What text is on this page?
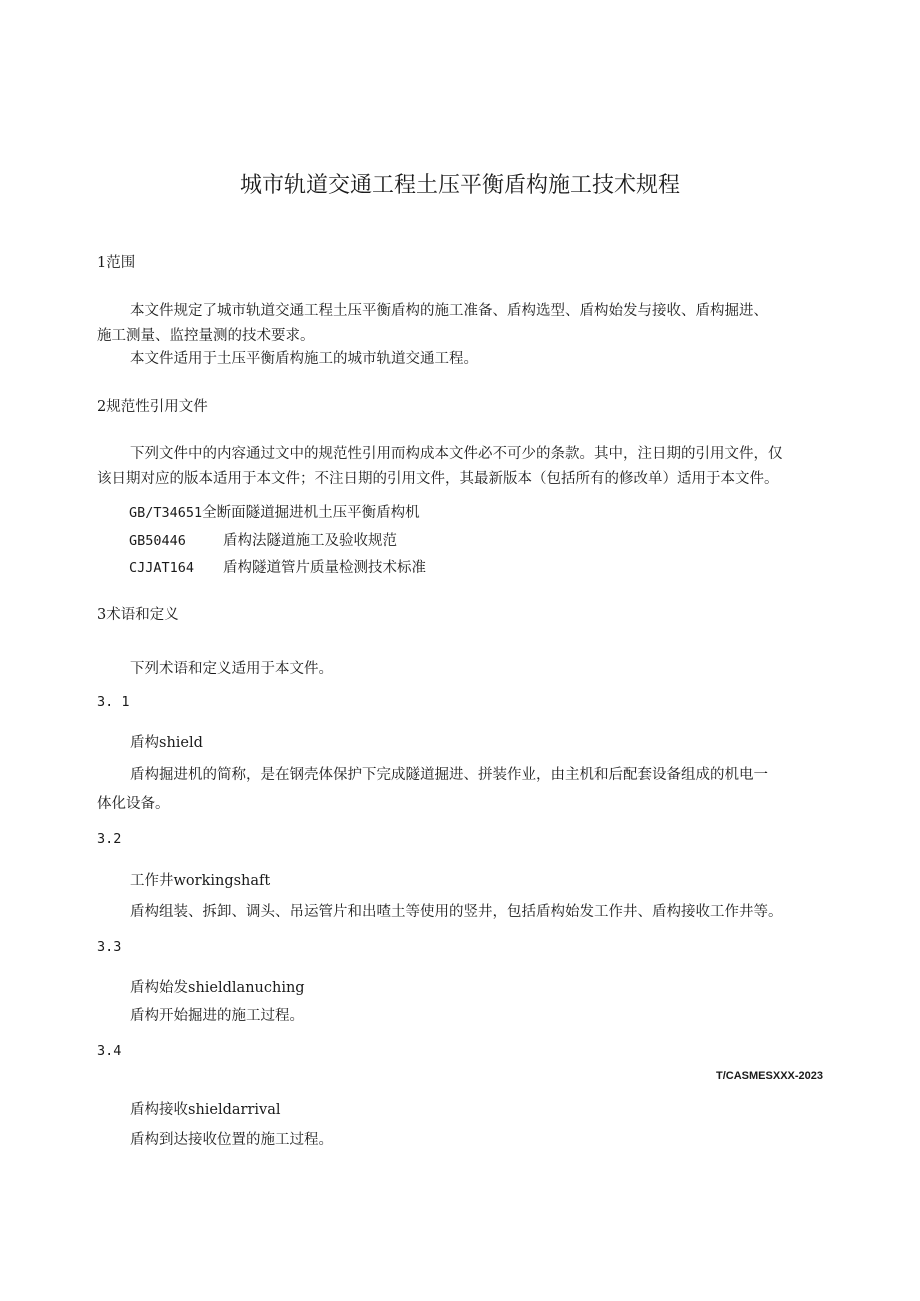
城市轨道交通工程土压平衡盾构施工技术规程
1范围
本文件规定了城市轨道交通工程土压平衡盾构的施工准备、盾构选型、盾构始发与接收、盾构掘进、
施工测量、监控量测的技术要求。
本文件适用于土压平衡盾构施工的城市轨道交通工程。
2规范性引用文件
下列文件中的内容通过文中的规范性引用而构成本文件必不可少的条款。其中，注日期的引用文件，仅
该日期对应的版本适用于本文件；不注日期的引用文件，其最新版本（包括所有的修改单）适用于本文件。
GB/T34651全断面隧道掘进机土压平衡盾构机
GB50446	盾构法隧道施工及验收规范
CJJAT164 盾构隧道管片质量检测技术标准
3术语和定义
下列术语和定义适用于本文件。
3. 1
盾构shield
盾构掘进机的简称，是在钢壳体保护下完成隧道掘进、拼装作业，由主机和后配套设备组成的机电一
体化设备。
3.2
工作井workingshaft
盾构组装、拆卸、调头、吊运管片和出喳土等使用的竖井，包括盾构始发工作井、盾构接收工作井等。
3.3
盾构始发shieldlanuching
盾构开始掘进的施工过程。
3.4
T/CASMESXXX-2023
盾构接收shieldarrival
盾构到达接收位置的施工过程。
